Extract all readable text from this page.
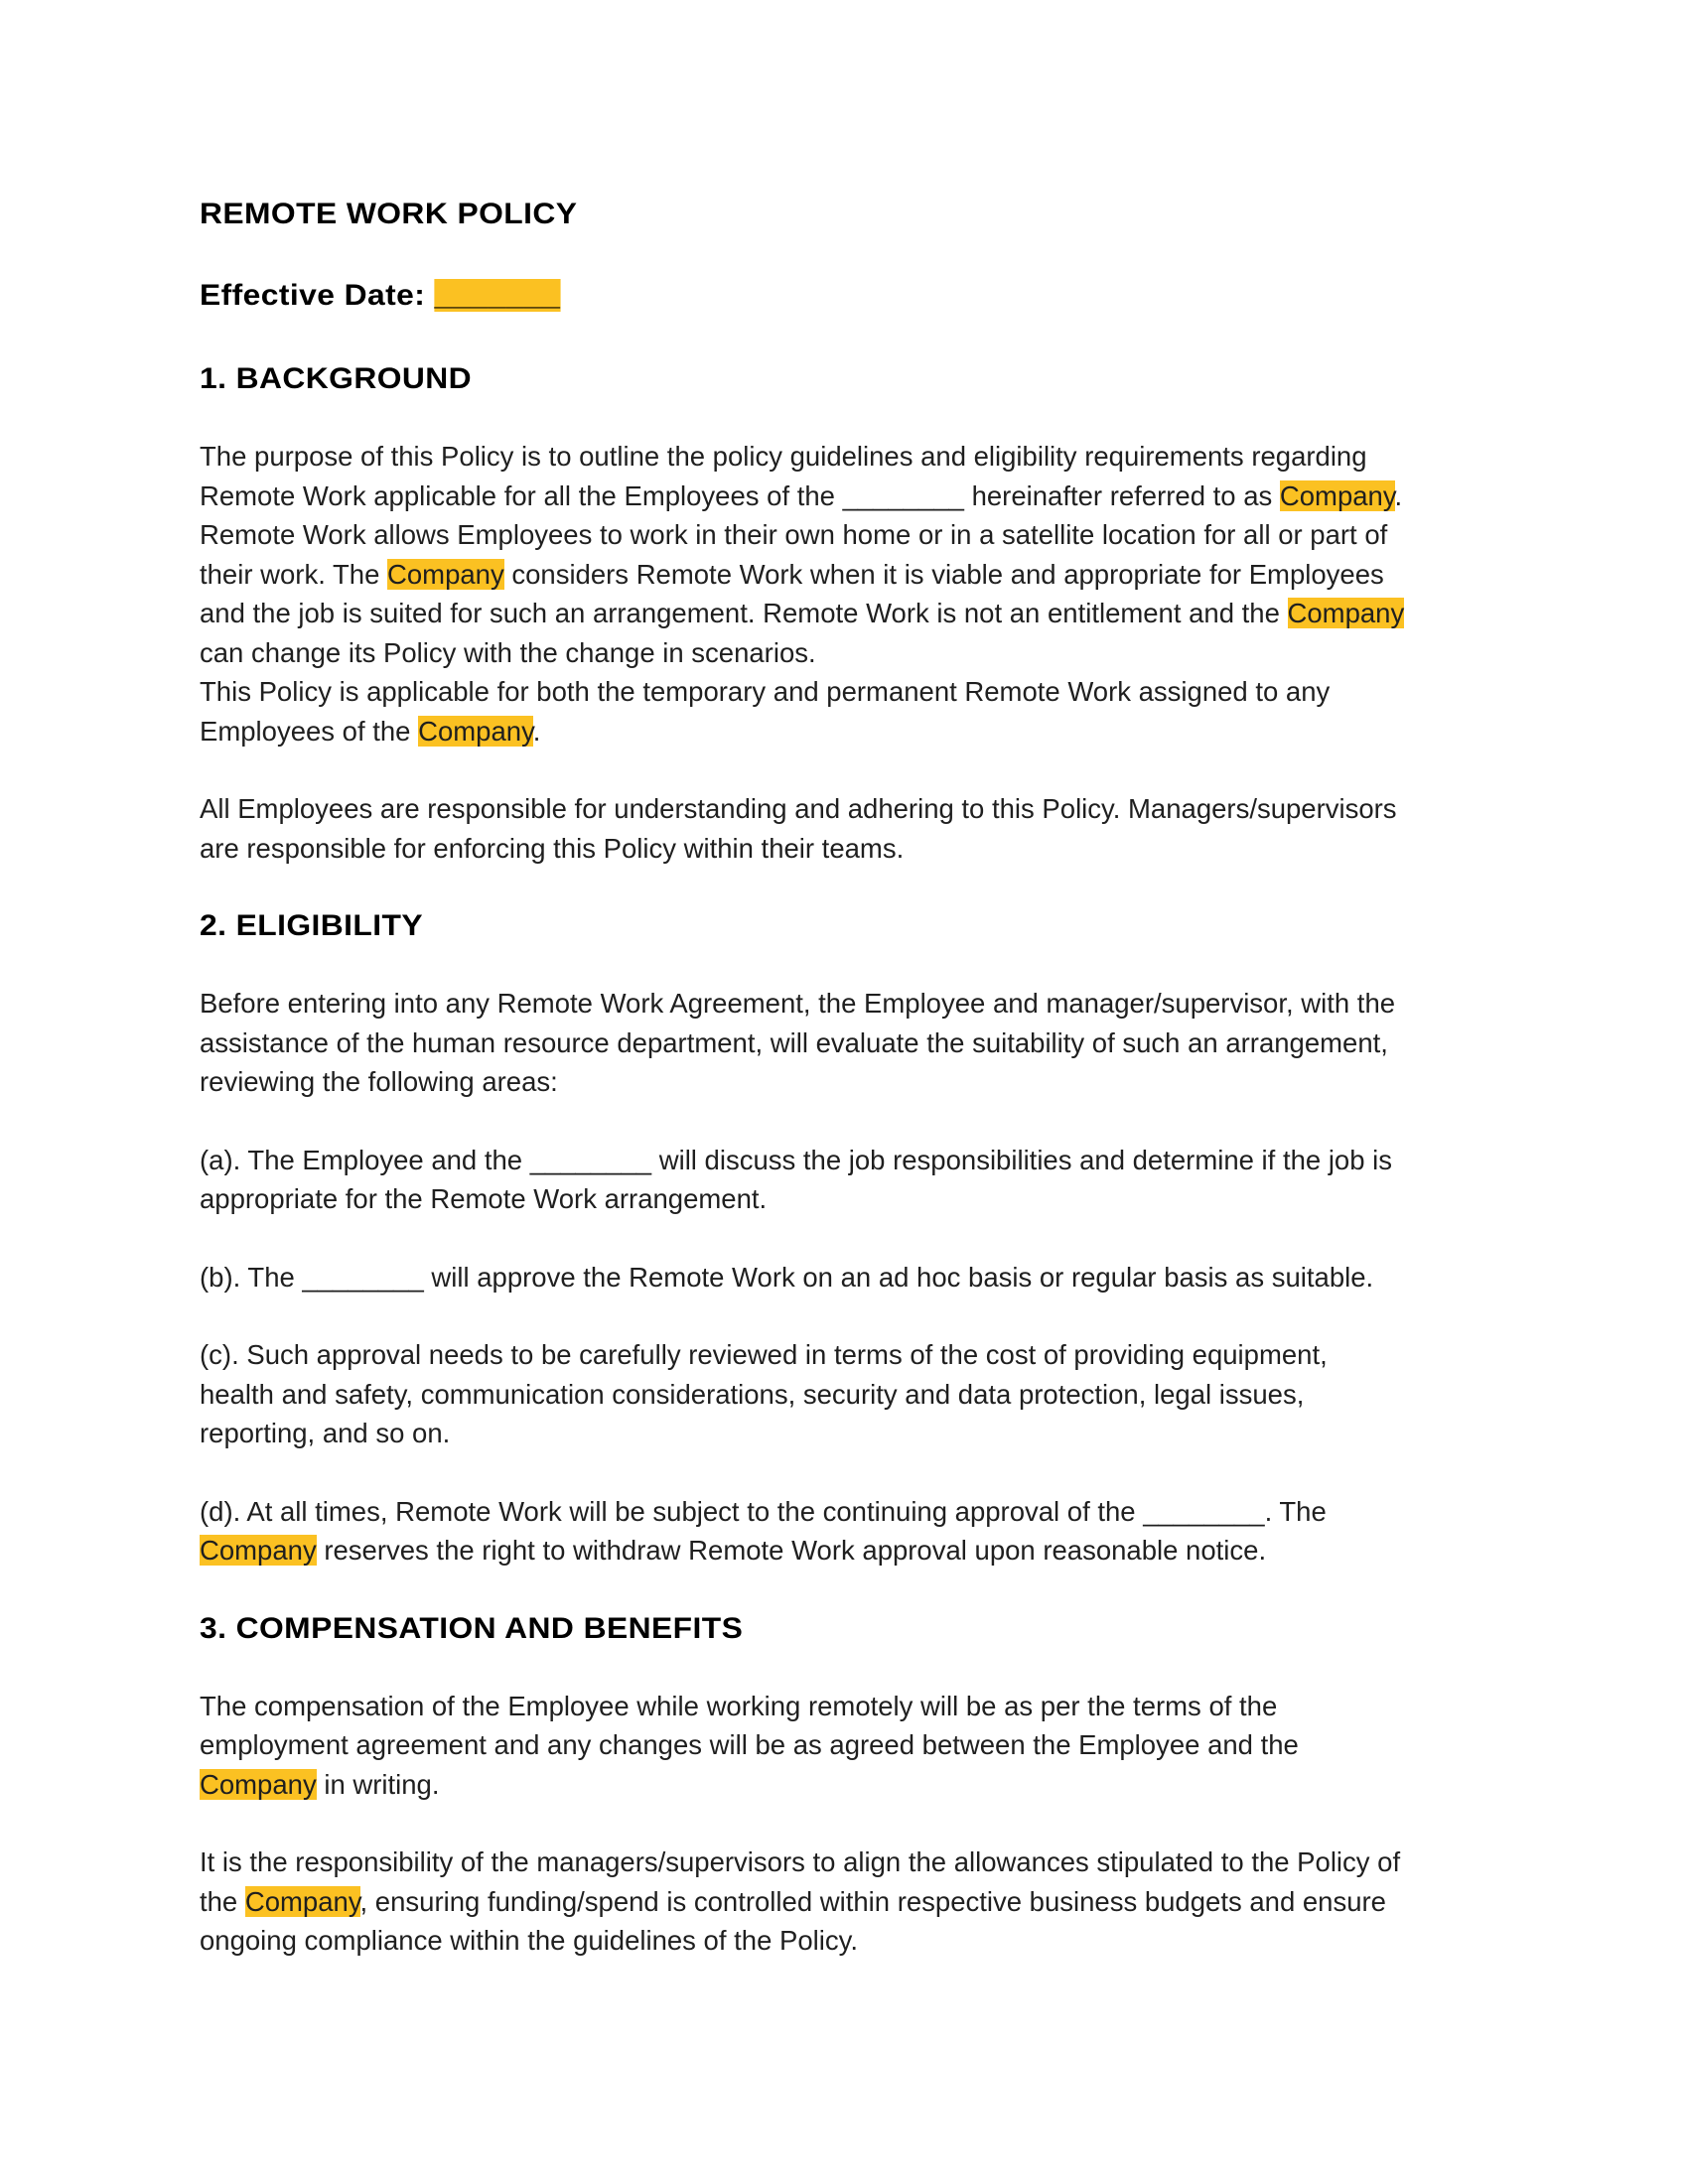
REMOTE WORK POLICY
Effective Date: _______
1. BACKGROUND
The purpose of this Policy is to outline the policy guidelines and eligibility requirements regarding
Remote Work applicable for all the Employees of the ________ hereinafter referred to as Company.
Remote Work allows Employees to work in their own home or in a satellite location for all or part of
their work. The Company considers Remote Work when it is viable and appropriate for Employees
and the job is suited for such an arrangement. Remote Work is not an entitlement and the Company
can change its Policy with the change in scenarios.
This Policy is applicable for both the temporary and permanent Remote Work assigned to any
Employees of the Company.
All Employees are responsible for understanding and adhering to this Policy. Managers/supervisors
are responsible for enforcing this Policy within their teams.
2. ELIGIBILITY
Before entering into any Remote Work Agreement, the Employee and manager/supervisor, with the
assistance of the human resource department, will evaluate the suitability of such an arrangement,
reviewing the following areas:
(a). The Employee and the ________ will discuss the job responsibilities and determine if the job is
appropriate for the Remote Work arrangement.
(b). The ________ will approve the Remote Work on an ad hoc basis or regular basis as suitable.
(c). Such approval needs to be carefully reviewed in terms of the cost of providing equipment,
health and safety, communication considerations, security and data protection, legal issues,
reporting, and so on.
(d). At all times, Remote Work will be subject to the continuing approval of the ________. The
Company reserves the right to withdraw Remote Work approval upon reasonable notice.
3. COMPENSATION AND BENEFITS
The compensation of the Employee while working remotely will be as per the terms of the
employment agreement and any changes will be as agreed between the Employee and the
Company in writing.
It is the responsibility of the managers/supervisors to align the allowances stipulated to the Policy of
the Company, ensuring funding/spend is controlled within respective business budgets and ensure
ongoing compliance within the guidelines of the Policy.
